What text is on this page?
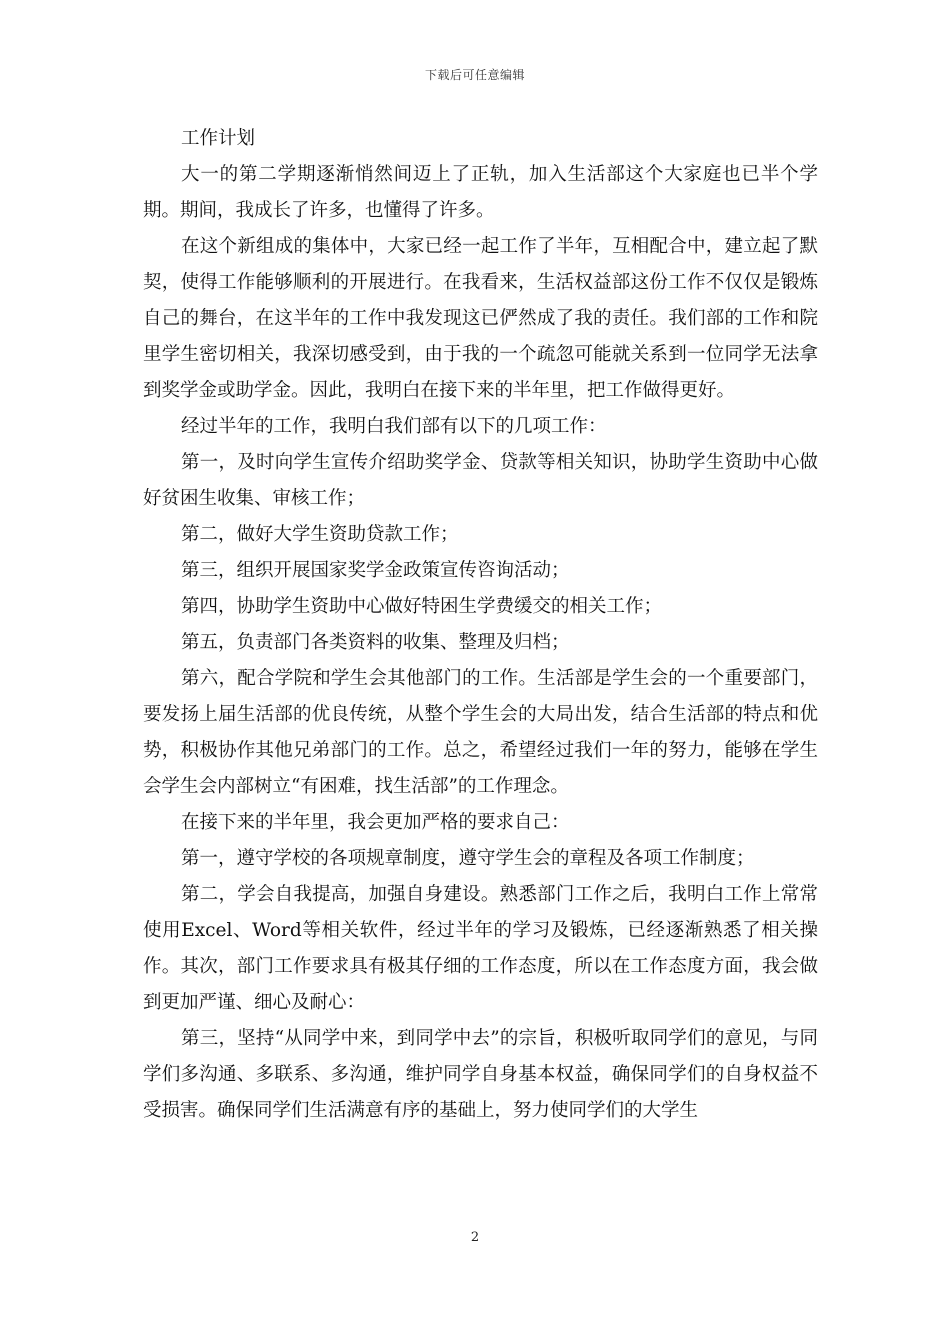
下载后可任意编辑

工作计划

大一的第二学期逐渐悄然间迈上了正轨，加入生活部这个大家庭也已半个学期。期间，我成长了许多，也懂得了许多。

在这个新组成的集体中，大家已经一起工作了半年，互相配合中，建立起了默契，使得工作能够顺利的开展进行。在我看来，生活权益部这份工作不仅仅是锻炼自己的舞台，在这半年的工作中我发现这已俨然成了我的责任。我们部的工作和院里学生密切相关，我深切感受到，由于我的一个疏忽可能就关系到一位同学无法拿到奖学金或助学金。因此，我明白在接下来的半年里，把工作做得更好。

经过半年的工作，我明白我们部有以下的几项工作：

第一，及时向学生宣传介绍助奖学金、贷款等相关知识，协助学生资助中心做好贫困生收集、审核工作；

第二，做好大学生资助贷款工作；

第三，组织开展国家奖学金政策宣传咨询活动；

第四，协助学生资助中心做好特困生学费缓交的相关工作；

第五，负责部门各类资料的收集、整理及归档；

第六，配合学院和学生会其他部门的工作。生活部是学生会的一个重要部门，要发扬上届生活部的优良传统，从整个学生会的大局出发，结合生活部的特点和优势，积极协作其他兄弟部门的工作。总之，希望经过我们一年的努力，能够在学生会学生会内部树立“有困难，找生活部”的工作理念。

在接下来的半年里，我会更加严格的要求自己：

第一，遵守学校的各项规章制度，遵守学生会的章程及各项工作制度；

第二，学会自我提高，加强自身建设。熟悉部门工作之后，我明白工作上常常使用Excel、Word等相关软件，经过半年的学习及锻炼，已经逐渐熟悉了相关操作。其次，部门工作要求具有极其仔细的工作态度，所以在工作态度方面，我会做到更加严谨、细心及耐心：

第三，坚持“从同学中来，到同学中去”的宗旨，积极听取同学们的意见，与同学们多沟通、多联系、多沟通，维护同学自身基本权益，确保同学们的自身权益不受损害。确保同学们生活满意有序的基础上，努力使同学们的大学生

2
